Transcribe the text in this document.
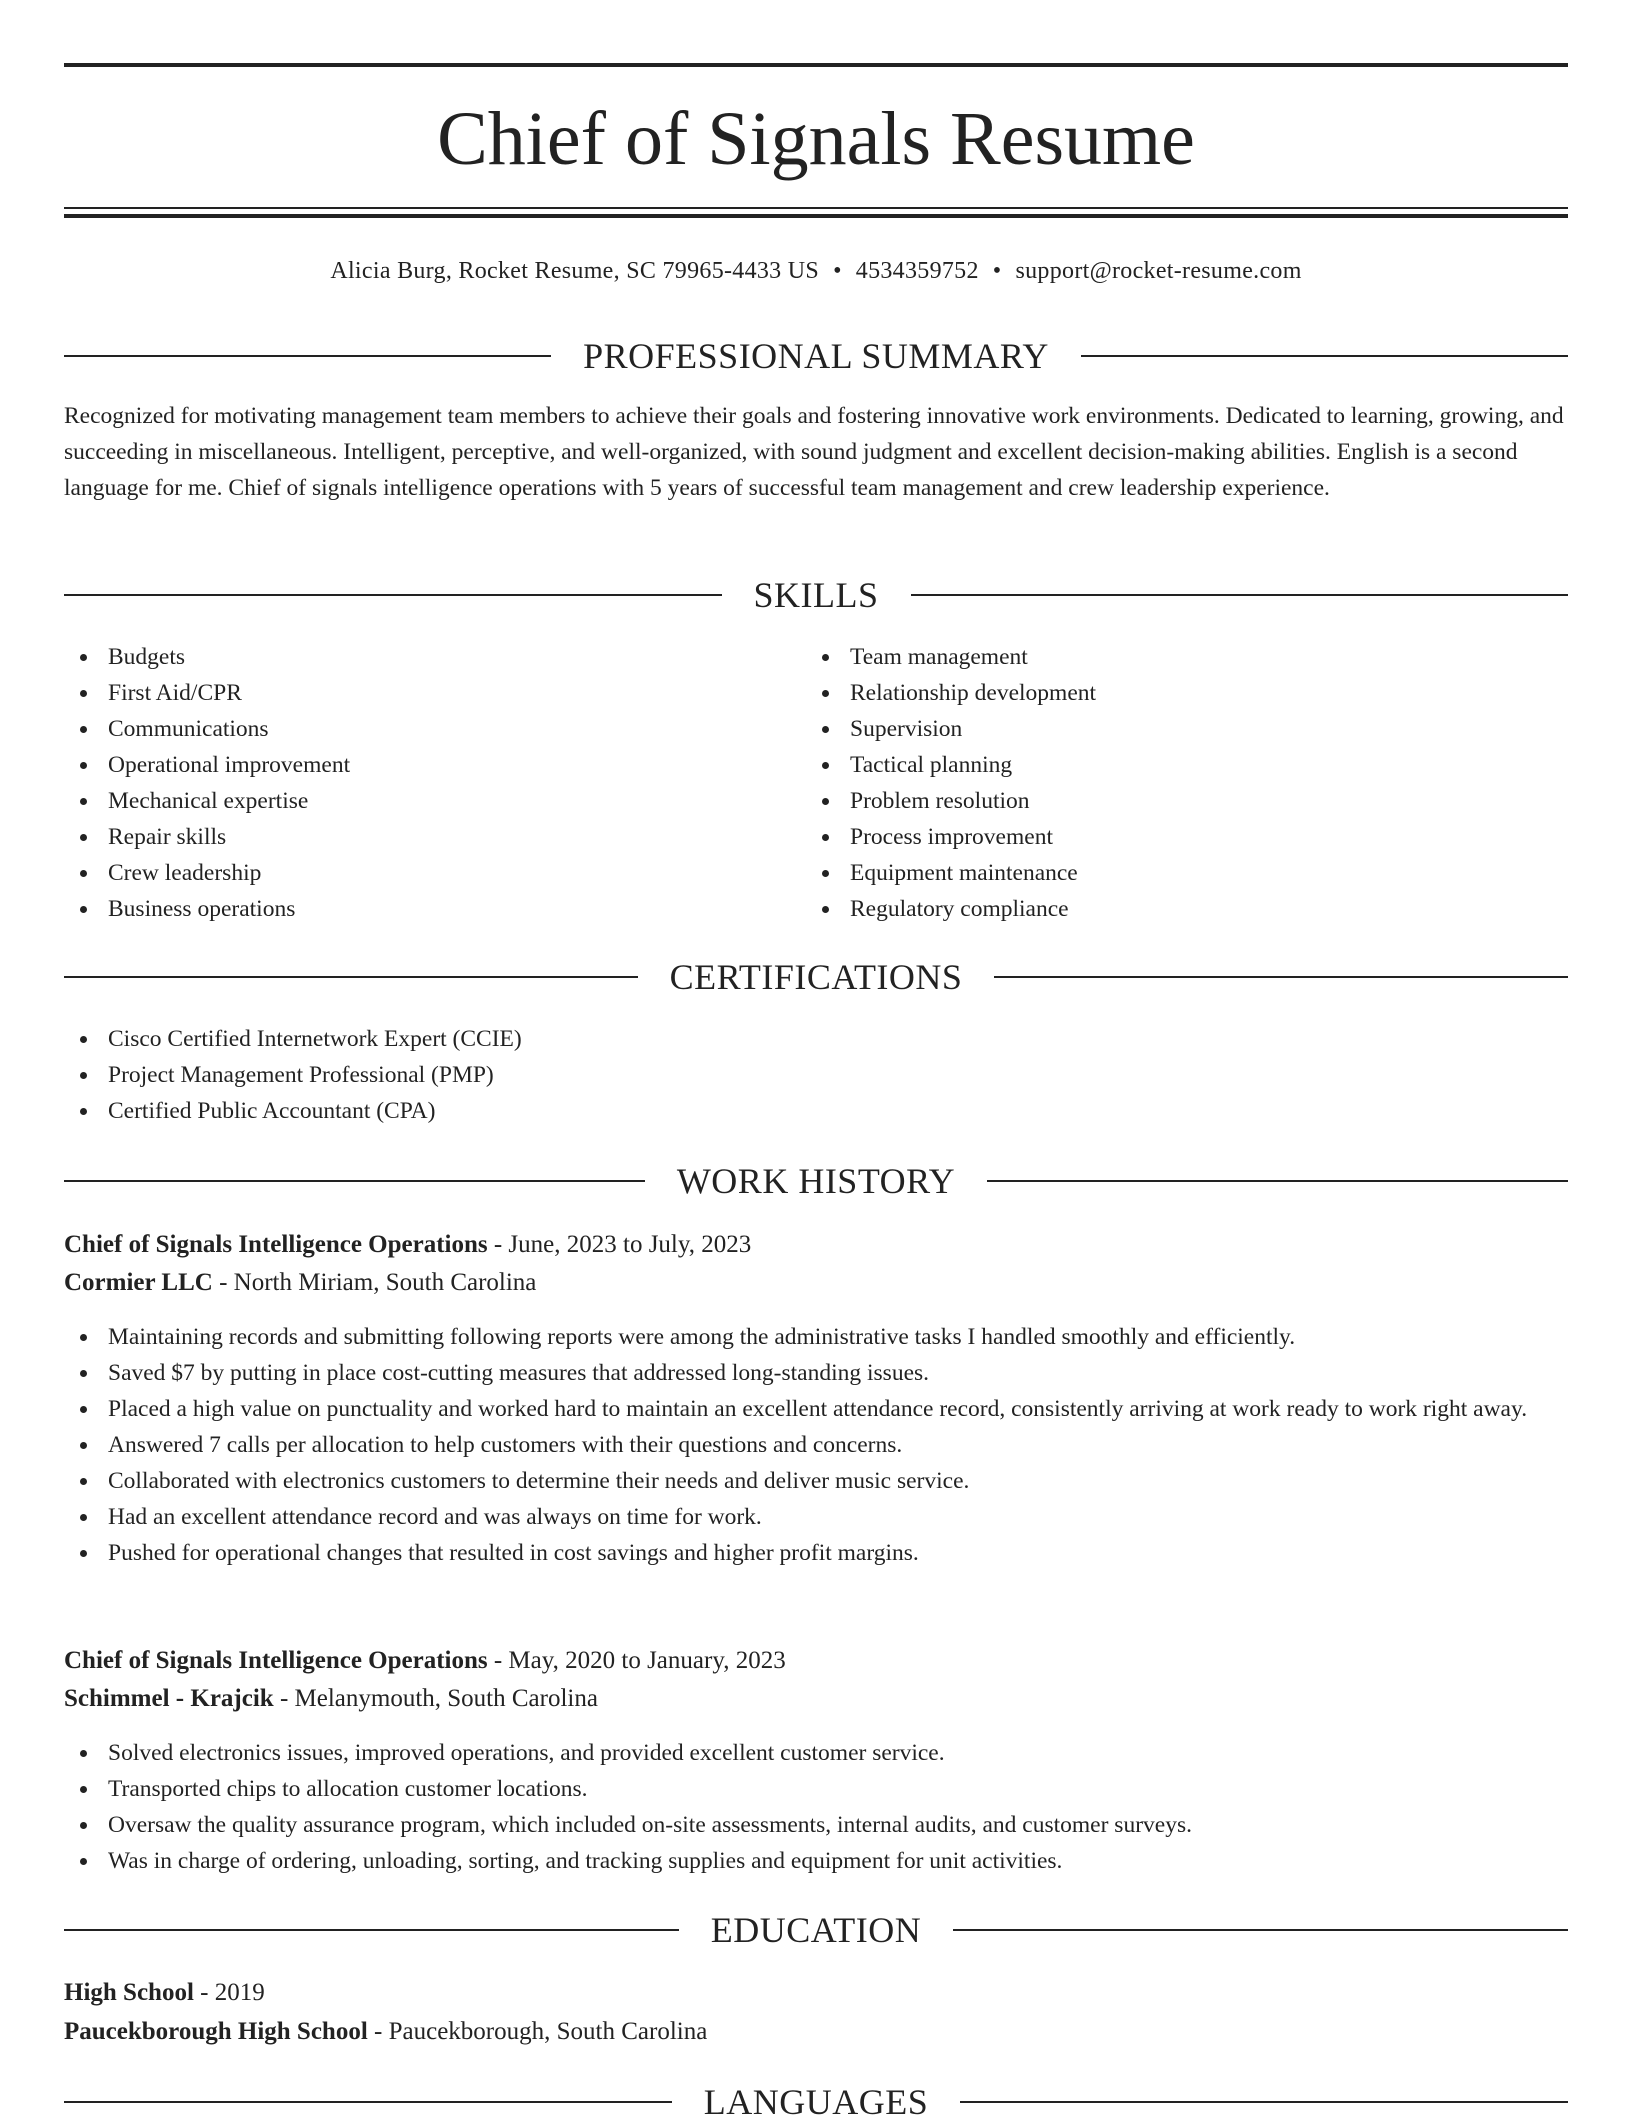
Chief of Signals Resume
Alicia Burg, Rocket Resume, SC 79965-4433 US • 4534359752 • support@rocket-resume.com
PROFESSIONAL SUMMARY

Recognized for motivating management team members to achieve their goals and fostering innovative work environments. Dedicated to learning, growing, and succeeding in miscellaneous. Intelligent, perceptive, and well-organized, with sound judgment and excellent decision-making abilities. English is a second language for me. Chief of signals intelligence operations with 5 years of successful team management and crew leadership experience.

SKILLS
Budgets
First Aid/CPR
Communications
Operational improvement
Mechanical expertise
Repair skills
Crew leadership
Business operations
Team management
Relationship development
Supervision
Tactical planning
Problem resolution
Process improvement
Equipment maintenance
Regulatory compliance
CERTIFICATIONS
Cisco Certified Internetwork Expert (CCIE)
Project Management Professional (PMP)
Certified Public Accountant (CPA)
WORK HISTORY
Chief of Signals Intelligence Operations - June, 2023 to July, 2023
Cormier LLC - North Miriam, South Carolina
Maintaining records and submitting following reports were among the administrative tasks I handled smoothly and efficiently.
Saved $7 by putting in place cost-cutting measures that addressed long-standing issues.
Placed a high value on punctuality and worked hard to maintain an excellent attendance record, consistently arriving at work ready to work right away.
Answered 7 calls per allocation to help customers with their questions and concerns.
Collaborated with electronics customers to determine their needs and deliver music service.
Had an excellent attendance record and was always on time for work.
Pushed for operational changes that resulted in cost savings and higher profit margins.
Chief of Signals Intelligence Operations - May, 2020 to January, 2023
Schimmel - Krajcik - Melanymouth, South Carolina
Solved electronics issues, improved operations, and provided excellent customer service.
Transported chips to allocation customer locations.
Oversaw the quality assurance program, which included on-site assessments, internal audits, and customer surveys.
Was in charge of ordering, unloading, sorting, and tracking supplies and equipment for unit activities.
EDUCATION
High School - 2019
Paucekborough High School - Paucekborough, South Carolina
LANGUAGES
